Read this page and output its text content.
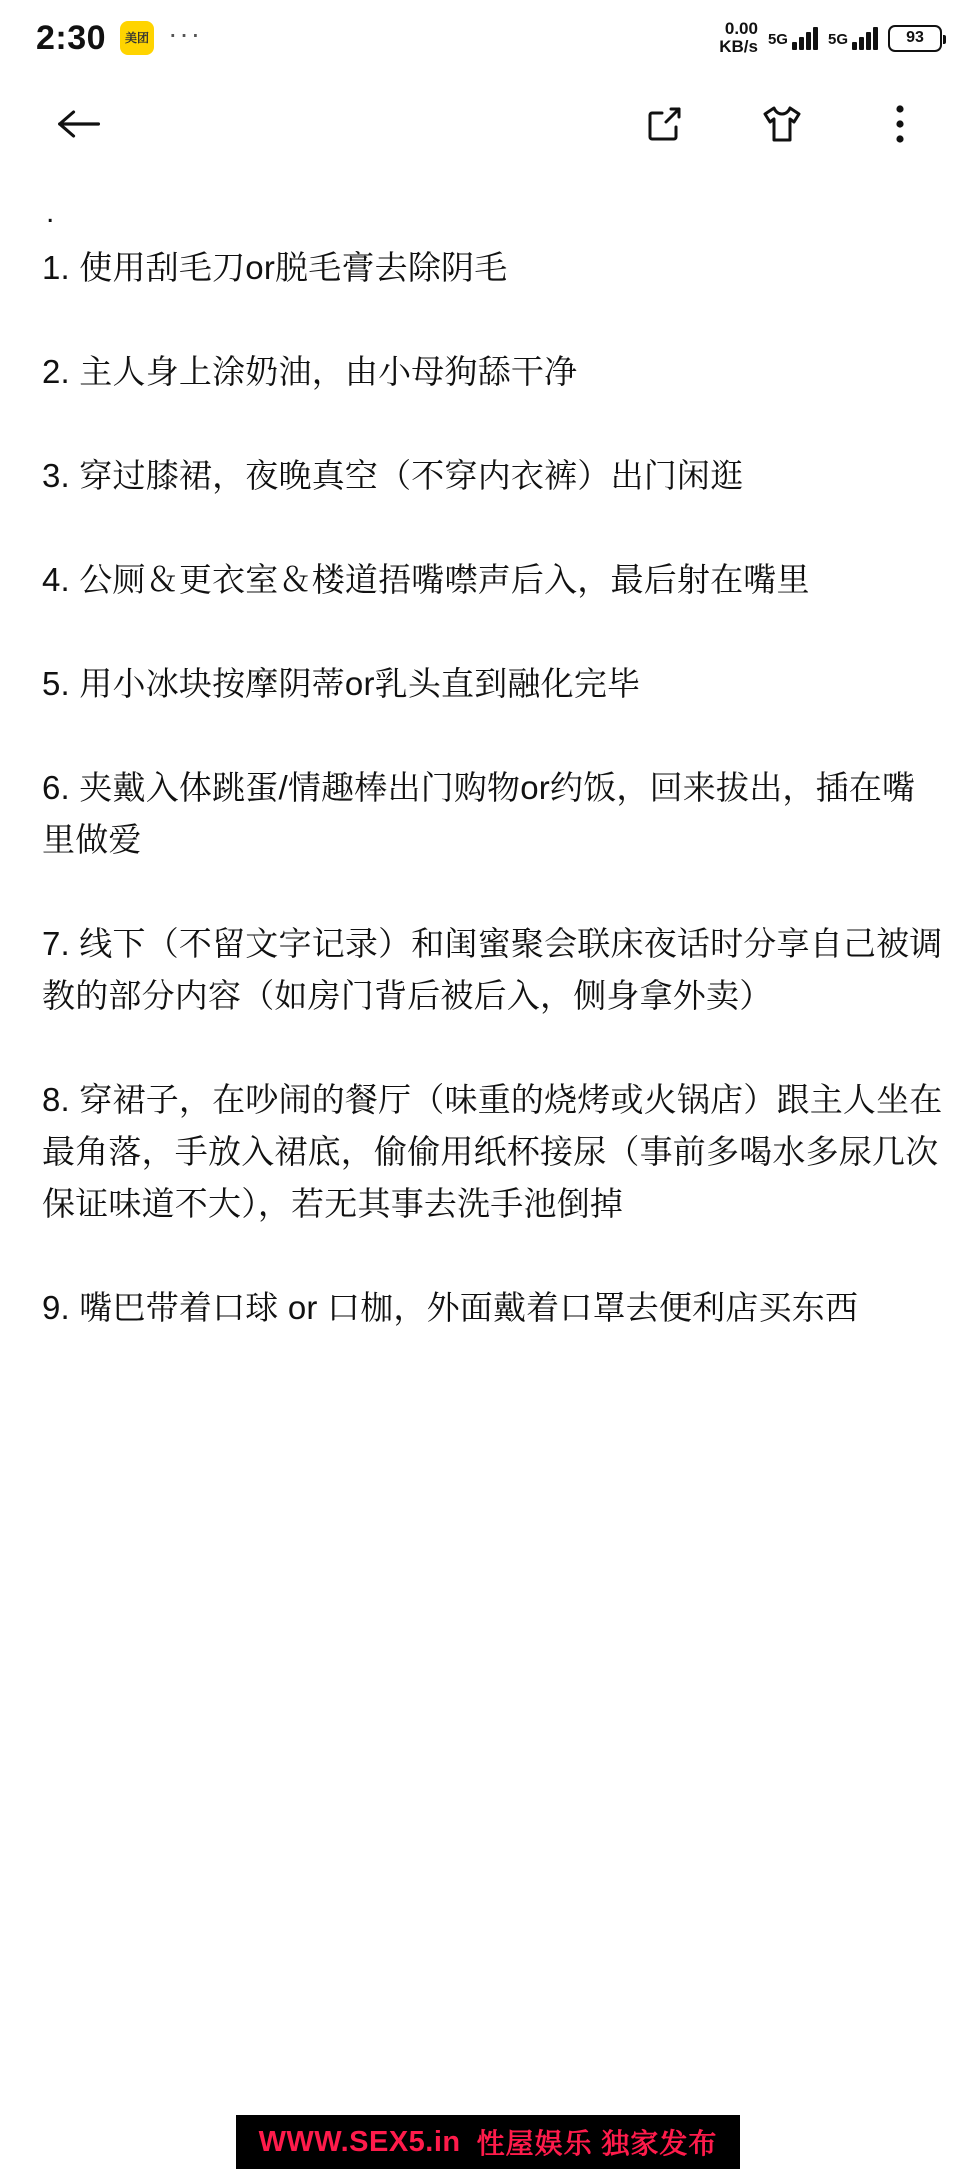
2:30	美团 ···	0.00
KB/s 5G	5G	93
.

1. 使用刮毛刀or脱毛膏去除阴毛

2. 主人身上涂奶油，由小母狗舔干净

3. 穿过膝裙，夜晚真空（不穿内衣裤）出门闲逛

4. 公厕＆更衣室＆楼道捂嘴噤声后入，最后射在嘴里

5. 用小冰块按摩阴蒂or乳头直到融化完毕

6. 夹戴入体跳蛋/情趣棒出门购物or约饭，回来拔出，插在嘴里做爱

7. 线下（不留文字记录）和闺蜜聚会联床夜话时分享自己被调教的部分内容（如房门背后被后入，侧身拿外卖）

8. 穿裙子，在吵闹的餐厅（味重的烧烤或火锅店）跟主人坐在最角落，手放入裙底，偷偷用纸杯接尿（事前多喝水多尿几次保证味道不大），若无其事去洗手池倒掉

9. 嘴巴带着口球 or 口枷，外面戴着口罩去便利店买东西

WWW.SEX5.in 性屋娱乐 独家发布
